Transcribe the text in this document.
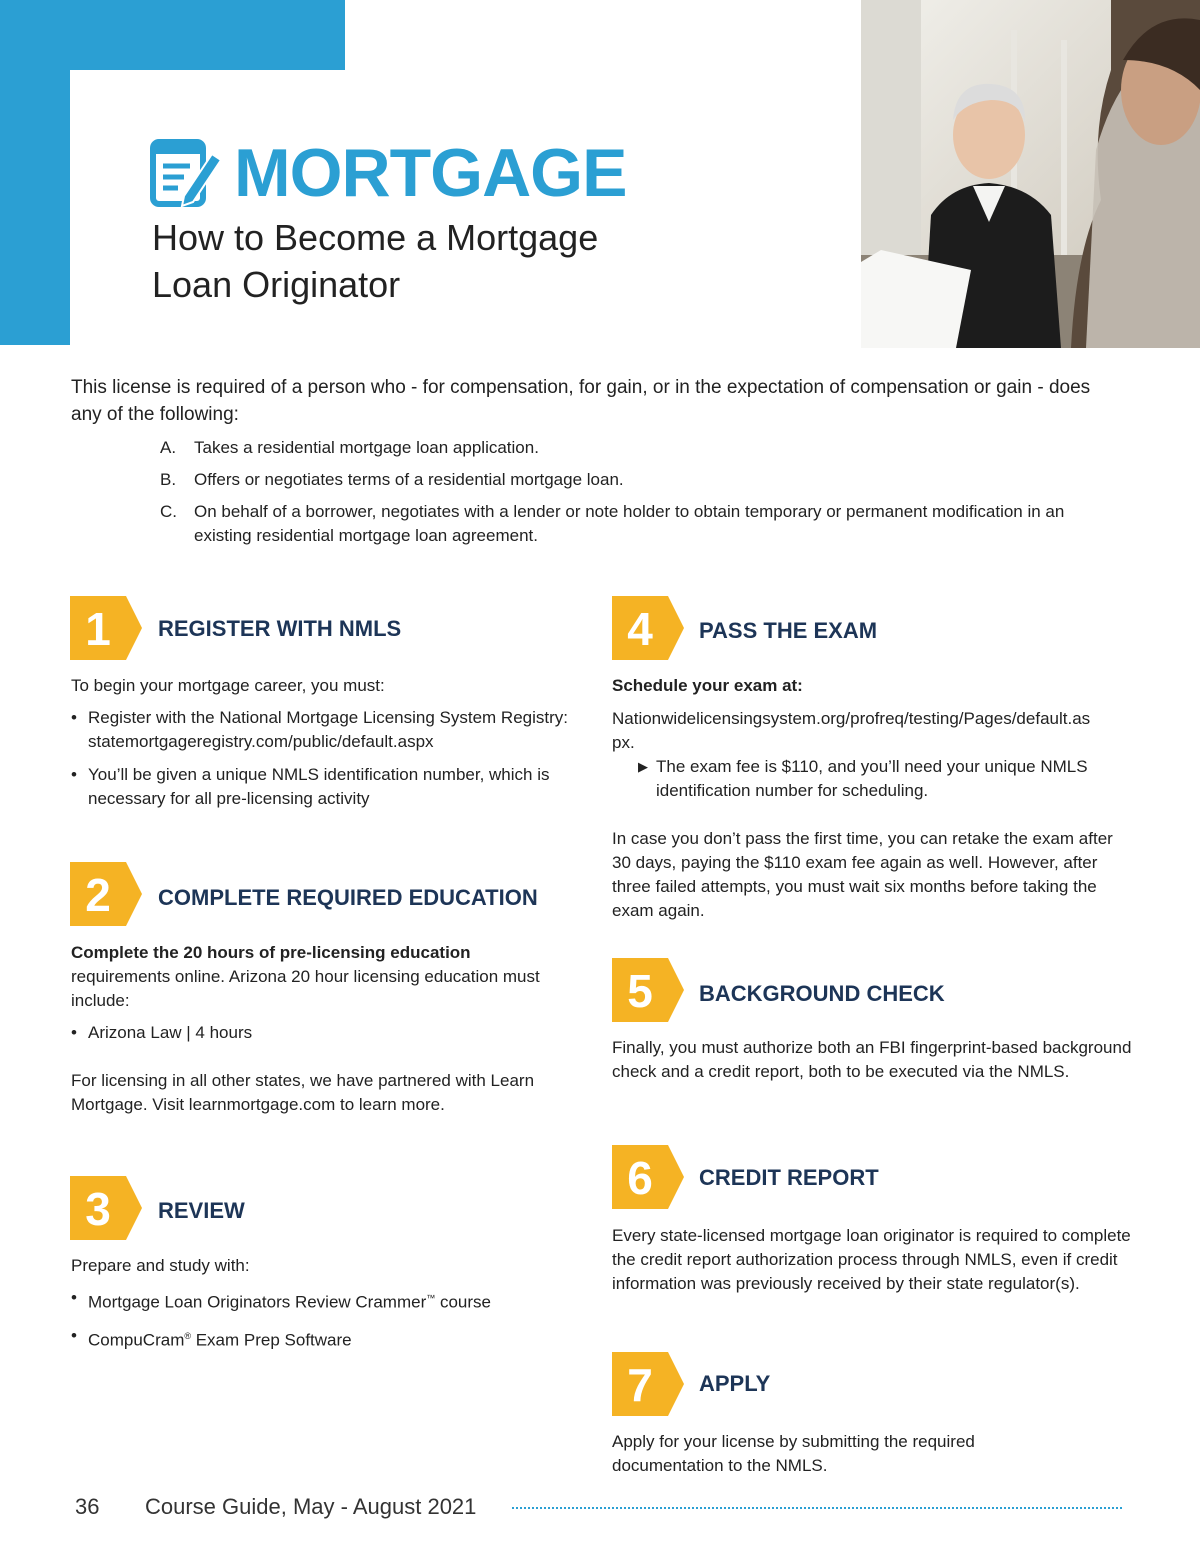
MORTGAGE
How to Become a Mortgage
Loan Originator
This license is required of a person who - for compensation, for gain, or in the expectation of compensation or gain - does any of the following:
A.	Takes a residential mortgage loan application.
B.	Offers or negotiates terms of a residential mortgage loan.
C.	On behalf of a borrower, negotiates with a lender or note holder to obtain temporary or permanent modification in an existing residential mortgage loan agreement.
1	REGISTER WITH NMLS
To begin your mortgage career, you must:
• Register with the National Mortgage Licensing System Registry: statemortgageregistry.com/public/default.aspx
• You’ll be given a unique NMLS identification number, which is necessary for all pre-licensing activity
2	COMPLETE REQUIRED EDUCATION
Complete the 20 hours of pre-licensing education
requirements online. Arizona 20 hour licensing education must include:
• Arizona Law | 4 hours
For licensing in all other states, we have partnered with Learn Mortgage. Visit learnmortgage.com to learn more.
3	REVIEW
Prepare and study with:
• Mortgage Loan Originators Review Crammer™ course
• CompuCram® Exam Prep Software
4	PASS THE EXAM
Schedule your exam at:
Nationwidelicensingsystem.org/profreq/testing/Pages/default.aspx.
▶ The exam fee is $110, and you’ll need your unique NMLS identification number for scheduling.
In case you don’t pass the first time, you can retake the exam after 30 days, paying the $110 exam fee again as well. However, after three failed attempts, you must wait six months before taking the exam again.
5	BACKGROUND CHECK
Finally, you must authorize both an FBI fingerprint-based background check and a credit report, both to be executed via the NMLS.
6	CREDIT REPORT
Every state-licensed mortgage loan originator is required to complete the credit report authorization process through NMLS, even if credit information was previously received by their state regulator(s).
7	APPLY
Apply for your license by submitting the required documentation to the NMLS.
36 Course Guide, May - August 2021
